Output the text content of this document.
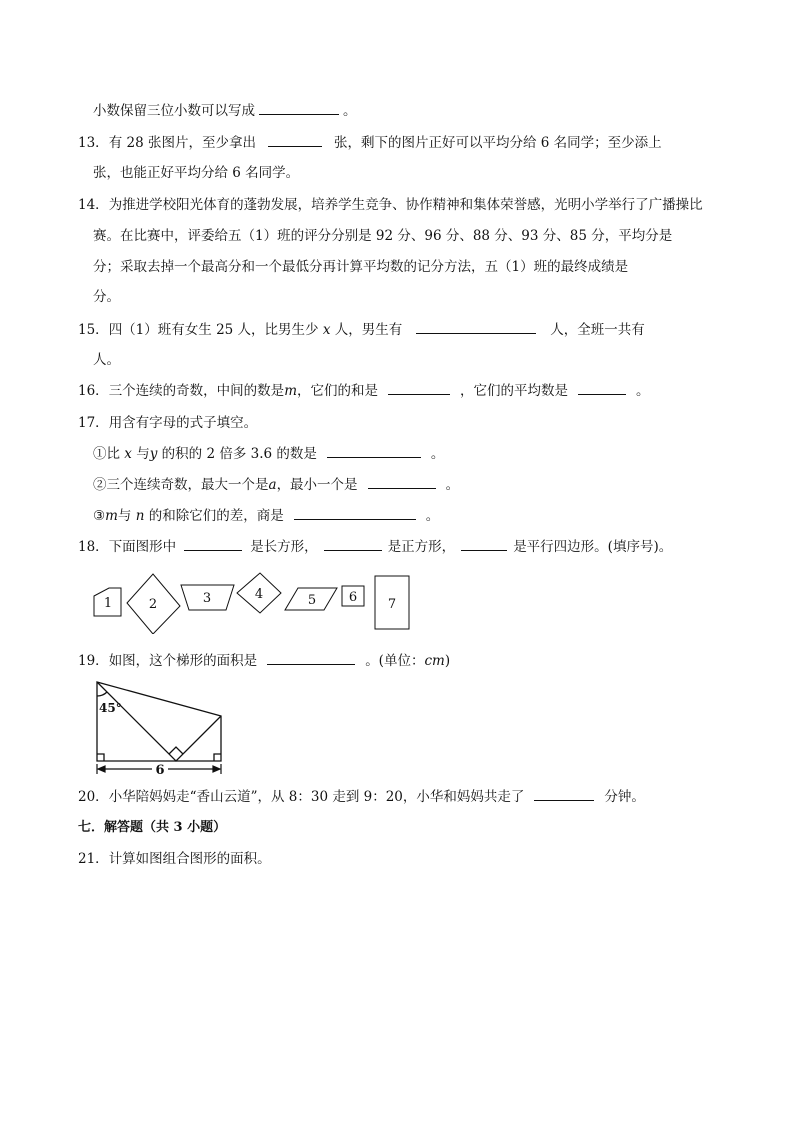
小数保留三位小数可以写成	。
13．有 28 张图片，至少拿出	张，剩下的图片正好可以平均分给 6 名同学；至少添上
张，也能正好平均分给 6 名同学。
14．为推进学校阳光体育的蓬勃发展，培养学生竞争、协作精神和集体荣誉感，光明小学举行了广播操比
赛。在比赛中，评委给五（1）班的评分分别是 92 分、96 分、88 分、93 分、85 分，平均分是
分；采取去掉一个最高分和一个最低分再计算平均数的记分方法，五（1）班的最终成绩是
分。
15．四（1）班有女生 25 人，比男生少 x 人，男生有	人，全班一共有
人。
16．三个连续的奇数，中间的数是m，它们的和是	，它们的平均数是	。
17．用含有字母的式子填空。
①比 x 与y 的积的 2 倍多 3.6 的数是	。
②三个连续奇数，最大一个是a，最小一个是	。
③m与 n 的和除它们的差，商是	。
18．下面图形中	是长方形，	是正方形，	是平行四边形。(填序号)。
1	2	3	4	5	6 7
19．如图，这个梯形的面积是	。(单位：cm)
45°
6
20．小华陪妈妈走“香山云道”，从 8：30 走到 9：20，小华和妈妈共走了	分钟。
七．解答题（共 3 小题）
21．计算如图组合图形的面积。
